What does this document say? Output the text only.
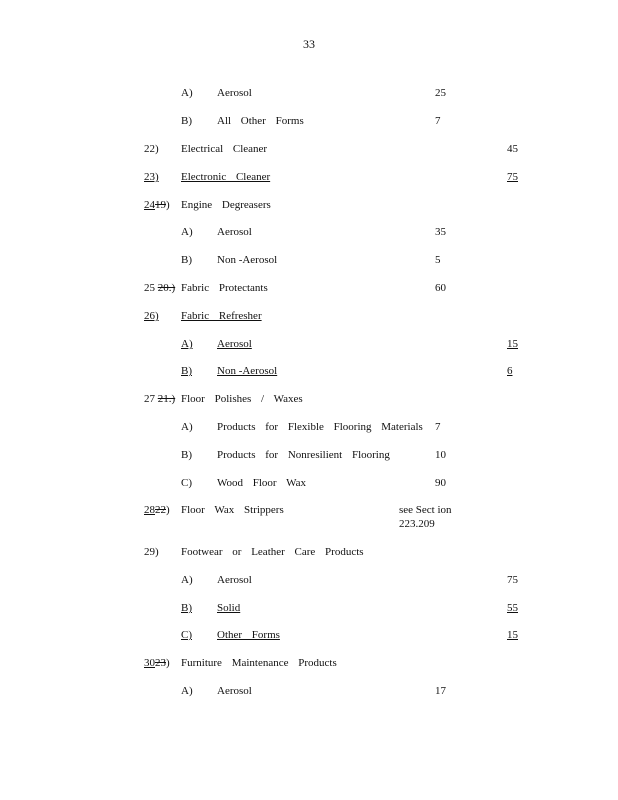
33
A) Aerosol	25
B) All Other Forms	7
22) Electrical Cleaner	45
23) Electronic Cleaner	75
2419) Engine Degreasers
A) Aerosol	35
B) Non -Aerosol	5
25 20.) Fabric Protectants	60
26) Fabric Refresher
A) Aerosol	15
B) Non -Aerosol	6
27 21.) Floor Polishes / Waxes
A) Products for Flexible Flooring Materials 7
B) Products for Nonresilient Flooring	10
C) Wood Floor Wax	90
2822) Floor Wax Strippers	see Sect ion
223.209
29) Footwear or Leather Care Products
A) Aerosol	75
B) Solid	55
C) Other Forms	15
3023) Furniture Maintenance Products
A) Aerosol	17
